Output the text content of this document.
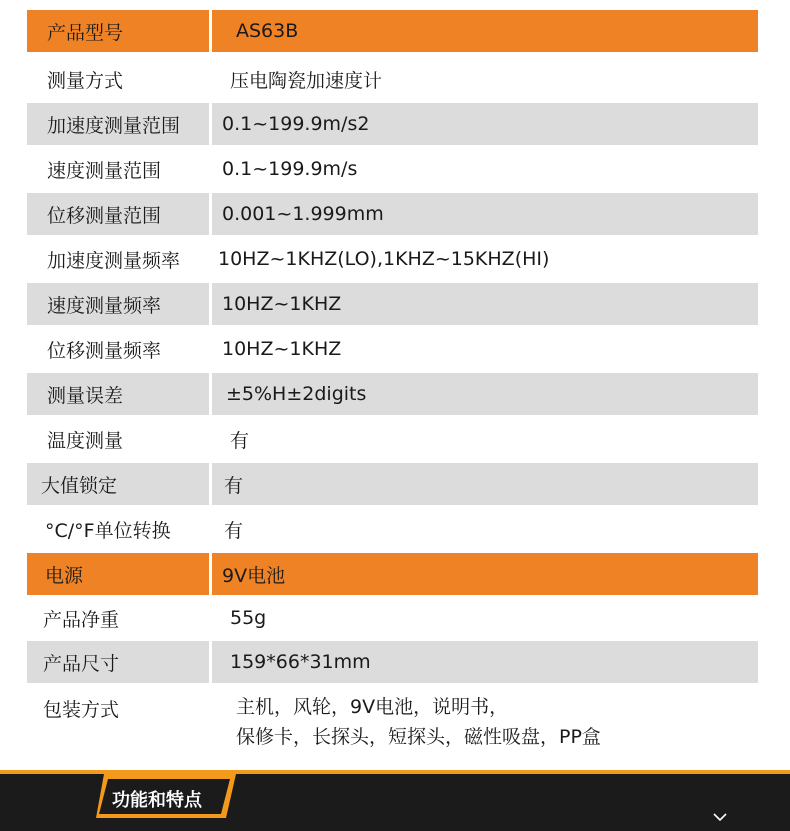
产品型号	AS63B
测量方式	压电陶瓷加速度计
加速度测量范围	0.1~199.9m/s2
速度测量范围	0.1~199.9m/s
位移测量范围	0.001~1.999mm
加速度测量频率	10HZ~1KHZ(LO),1KHZ~15KHZ(HI)
速度测量频率	10HZ~1KHZ
位移测量频率	10HZ~1KHZ
测量误差	±5%H±2digits
温度测量	有
大值锁定	有
°C/°F单位转换	有
电源	9V电池
产品净重	55g
产品尺寸	159*66*31mm
包装方式	主机，风轮，9V电池，说明书，
保修卡，长探头，短探头，磁性吸盘，PP盒
功能和特点
